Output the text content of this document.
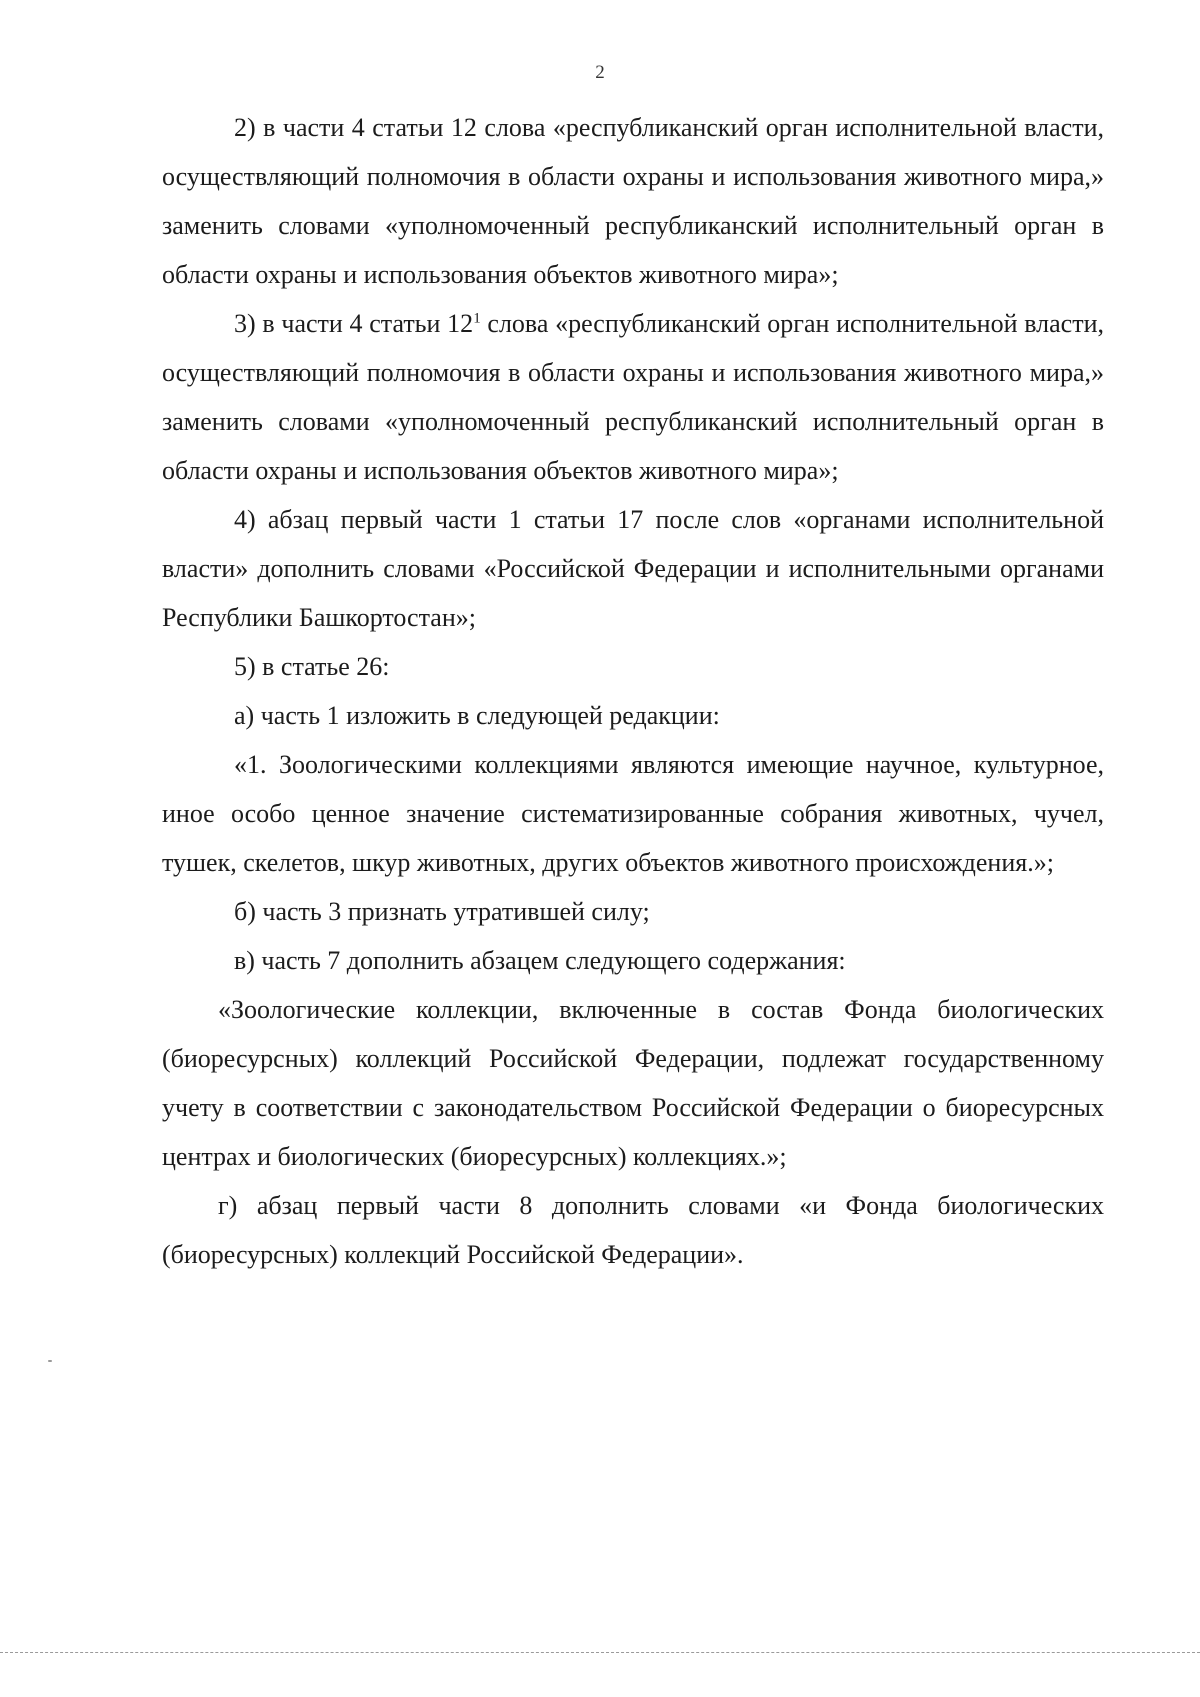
2

2) в части 4 статьи 12 слова «республиканский орган исполнительной власти, осуществляющий полномочия в области охраны и использования животного мира,» заменить словами «уполномоченный республиканский исполнительный орган в области охраны и использования объектов животного мира»;

3) в части 4 статьи $12^1$ слова «республиканский орган исполнительной власти, осуществляющий полномочия в области охраны и использования животного мира,» заменить словами «уполномоченный республиканский исполнительный орган в области охраны и использования объектов животного мира»;

4) абзац первый части 1 статьи 17 после слов «органами исполнительной власти» дополнить словами «Российской Федерации и исполнительными органами Республики Башкортостан»;

5) в статье 26:

а) часть 1 изложить в следующей редакции:

«1. Зоологическими коллекциями являются имеющие научное, культурное, иное особо ценное значение систематизированные собрания животных, чучел, тушек, скелетов, шкур животных, других объектов животного происхождения.»;

б) часть 3 признать утратившей силу;

в) часть 7 дополнить абзацем следующего содержания:

«Зоологические коллекции, включенные в состав Фонда биологических (биоресурсных) коллекций Российской Федерации, подлежат государственному учету в соответствии с законодательством Российской Федерации о биоресурсных центрах и биологических (биоресурсных) коллекциях.»;

г) абзац первый части 8 дополнить словами «и Фонда биологических (биоресурсных) коллекций Российской Федерации».
